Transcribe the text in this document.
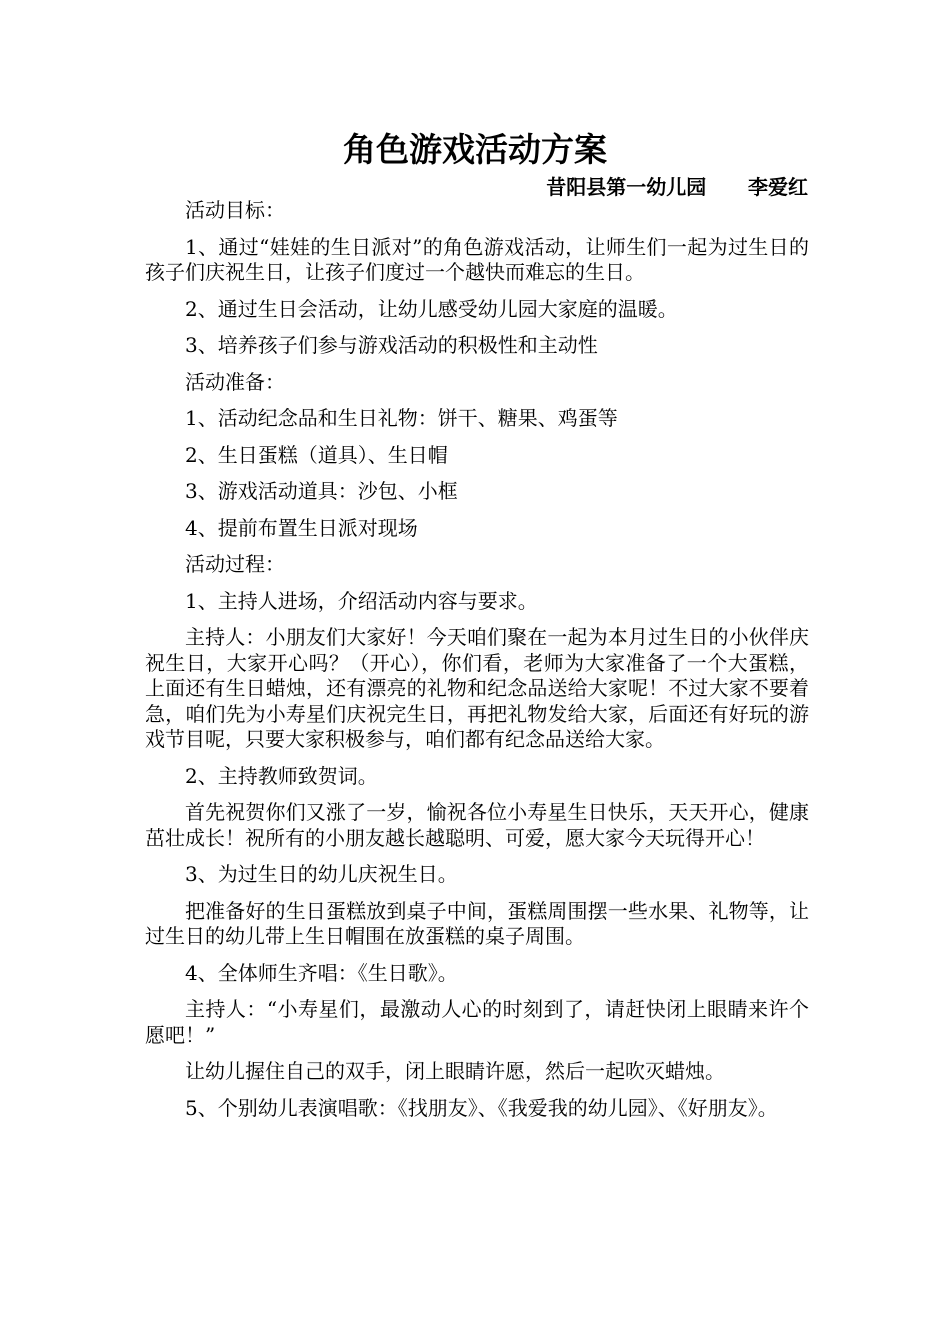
角色游戏活动方案
昔阳县第一幼儿园      李爱红

活动目标：

1、通过“娃娃的生日派对”的角色游戏活动，让师生们一起为过生日的孩子们庆祝生日，让孩子们度过一个越快而难忘的生日。

2、通过生日会活动，让幼儿感受幼儿园大家庭的温暖。

3、培养孩子们参与游戏活动的积极性和主动性

活动准备：

1、活动纪念品和生日礼物：饼干、糖果、鸡蛋等

2、生日蛋糕（道具）、生日帽

3、游戏活动道具：沙包、小框

4、提前布置生日派对现场

活动过程：

1、主持人进场，介绍活动内容与要求。

主持人：小朋友们大家好！今天咱们聚在一起为本月过生日的小伙伴庆祝生日，大家开心吗？（开心），你们看，老师为大家准备了一个大蛋糕，上面还有生日蜡烛，还有漂亮的礼物和纪念品送给大家呢！不过大家不要着急，咱们先为小寿星们庆祝完生日，再把礼物发给大家，后面还有好玩的游戏节目呢，只要大家积极参与，咱们都有纪念品送给大家。

2、主持教师致贺词。

首先祝贺你们又涨了一岁，愉祝各位小寿星生日快乐，天天开心，健康茁壮成长！祝所有的小朋友越长越聪明、可爱，愿大家今天玩得开心！

3、为过生日的幼儿庆祝生日。

把准备好的生日蛋糕放到桌子中间，蛋糕周围摆一些水果、礼物等，让过生日的幼儿带上生日帽围在放蛋糕的桌子周围。

4、全体师生齐唱：《生日歌》。

主持人：“小寿星们，最激动人心的时刻到了，请赶快闭上眼睛来许个愿吧！”

让幼儿握住自己的双手，闭上眼睛许愿，然后一起吹灭蜡烛。

5、个别幼儿表演唱歌：《找朋友》、《我爱我的幼儿园》、《好朋友》。
